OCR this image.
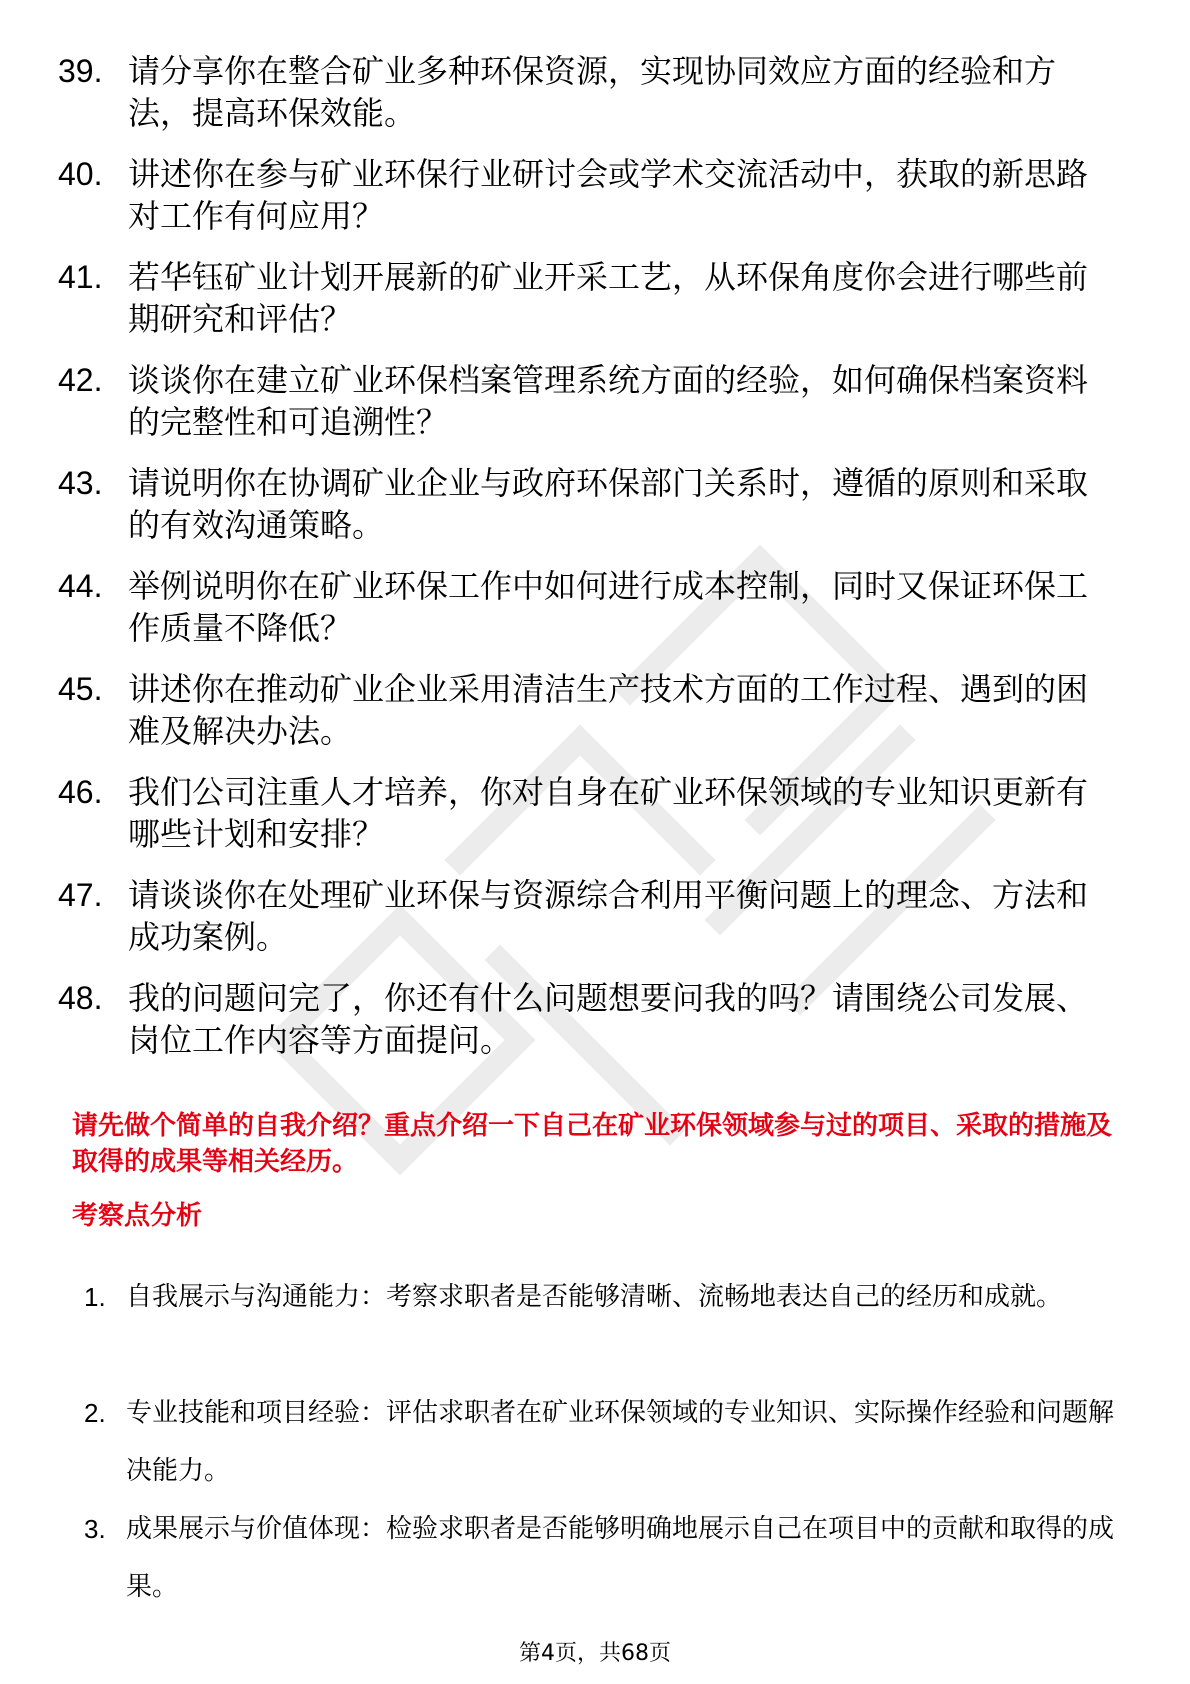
39. 请分享你在整合矿业多种环保资源，实现协同效应方面的经验和方法，提高环保效能。
40. 讲述你在参与矿业环保行业研讨会或学术交流活动中，获取的新思路对工作有何应用？
41. 若华钰矿业计划开展新的矿业开采工艺，从环保角度你会进行哪些前期研究和评估？
42. 谈谈你在建立矿业环保档案管理系统方面的经验，如何确保档案资料的完整性和可追溯性？
43. 请说明你在协调矿业企业与政府环保部门关系时，遵循的原则和采取的有效沟通策略。
44. 举例说明你在矿业环保工作中如何进行成本控制，同时又保证环保工作质量不降低？
45. 讲述你在推动矿业企业采用清洁生产技术方面的工作过程、遇到的困难及解决办法。
46. 我们公司注重人才培养，你对自身在矿业环保领域的专业知识更新有哪些计划和安排？
47. 请谈谈你在处理矿业环保与资源综合利用平衡问题上的理念、方法和成功案例。
48. 我的问题问完了，你还有什么问题想要问我的吗？请围绕公司发展、岗位工作内容等方面提问。

请先做个简单的自我介绍？重点介绍一下自己在矿业环保领域参与过的项目、采取的措施及取得的成果等相关经历。

考察点分析
1. 自我展示与沟通能力：考察求职者是否能够清晰、流畅地表达自己的经历和成就。
2. 专业技能和项目经验：评估求职者在矿业环保领域的专业知识、实际操作经验和问题解决能力。
3. 成果展示与价值体现：检验求职者是否能够明确地展示自己在项目中的贡献和取得的成果。
第4页，共68页
